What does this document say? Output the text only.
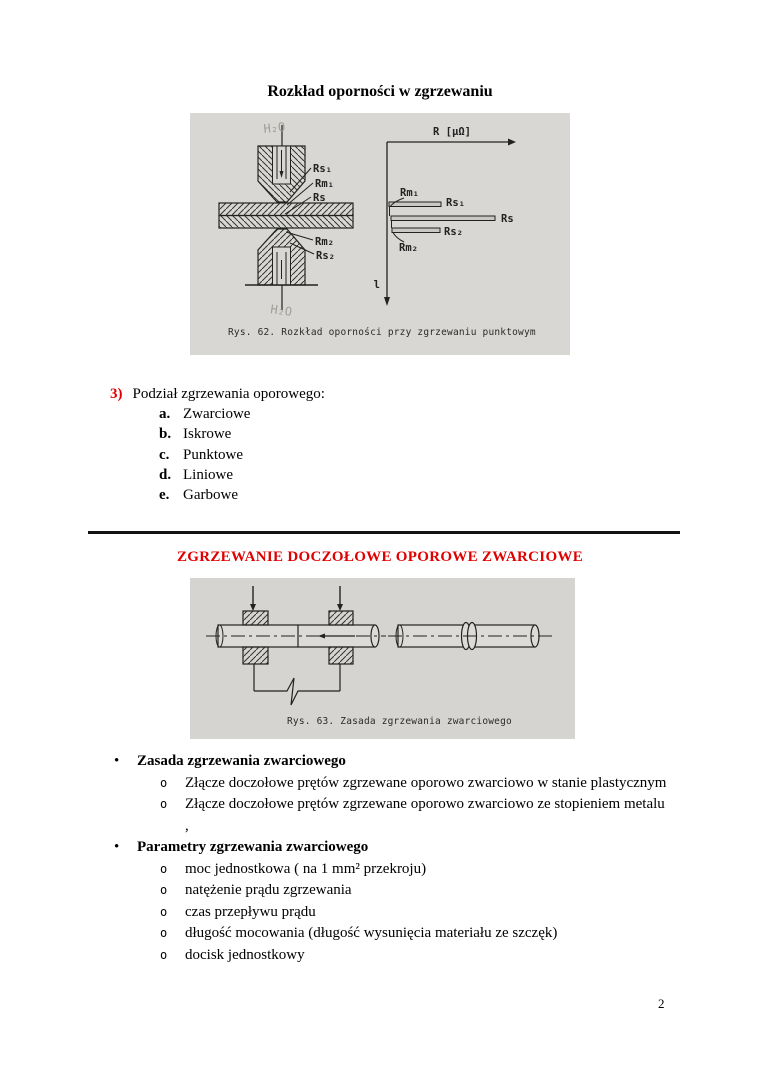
Rozkład oporności w zgrzewaniu
H₂O
H₂O
Rs₁
Rm₁
Rs
Rm₂
Rs₂
R [μΩ]
l
Rs₁
Rs
Rs₂
Rm₁
Rm₂
Rys. 62. Rozkład oporności przy zgrzewaniu punktowym
3) Podział zgrzewania oporowego:
a. Zwarciowe
b. Iskrowe
c. Punktowe
d. Liniowe
e. Garbowe
ZGRZEWANIE DOCZOŁOWE OPOROWE ZWARCIOWE
Rys. 63. Zasada zgrzewania zwarciowego
•	Zasada zgrzewania zwarciowego
o	Złącze doczołowe prętów zgrzewane oporowo zwarciowo w stanie plastycznym
o	Złącze doczołowe prętów zgrzewane oporowo zwarciowo ze stopieniem metalu ,
•	Parametry zgrzewania zwarciowego
o	moc jednostkowa ( na 1 mm² przekroju)
o	natężenie prądu zgrzewania
o	czas przepływu prądu
o	długość mocowania (długość wysunięcia materiału ze szczęk)
o	docisk jednostkowy
2
